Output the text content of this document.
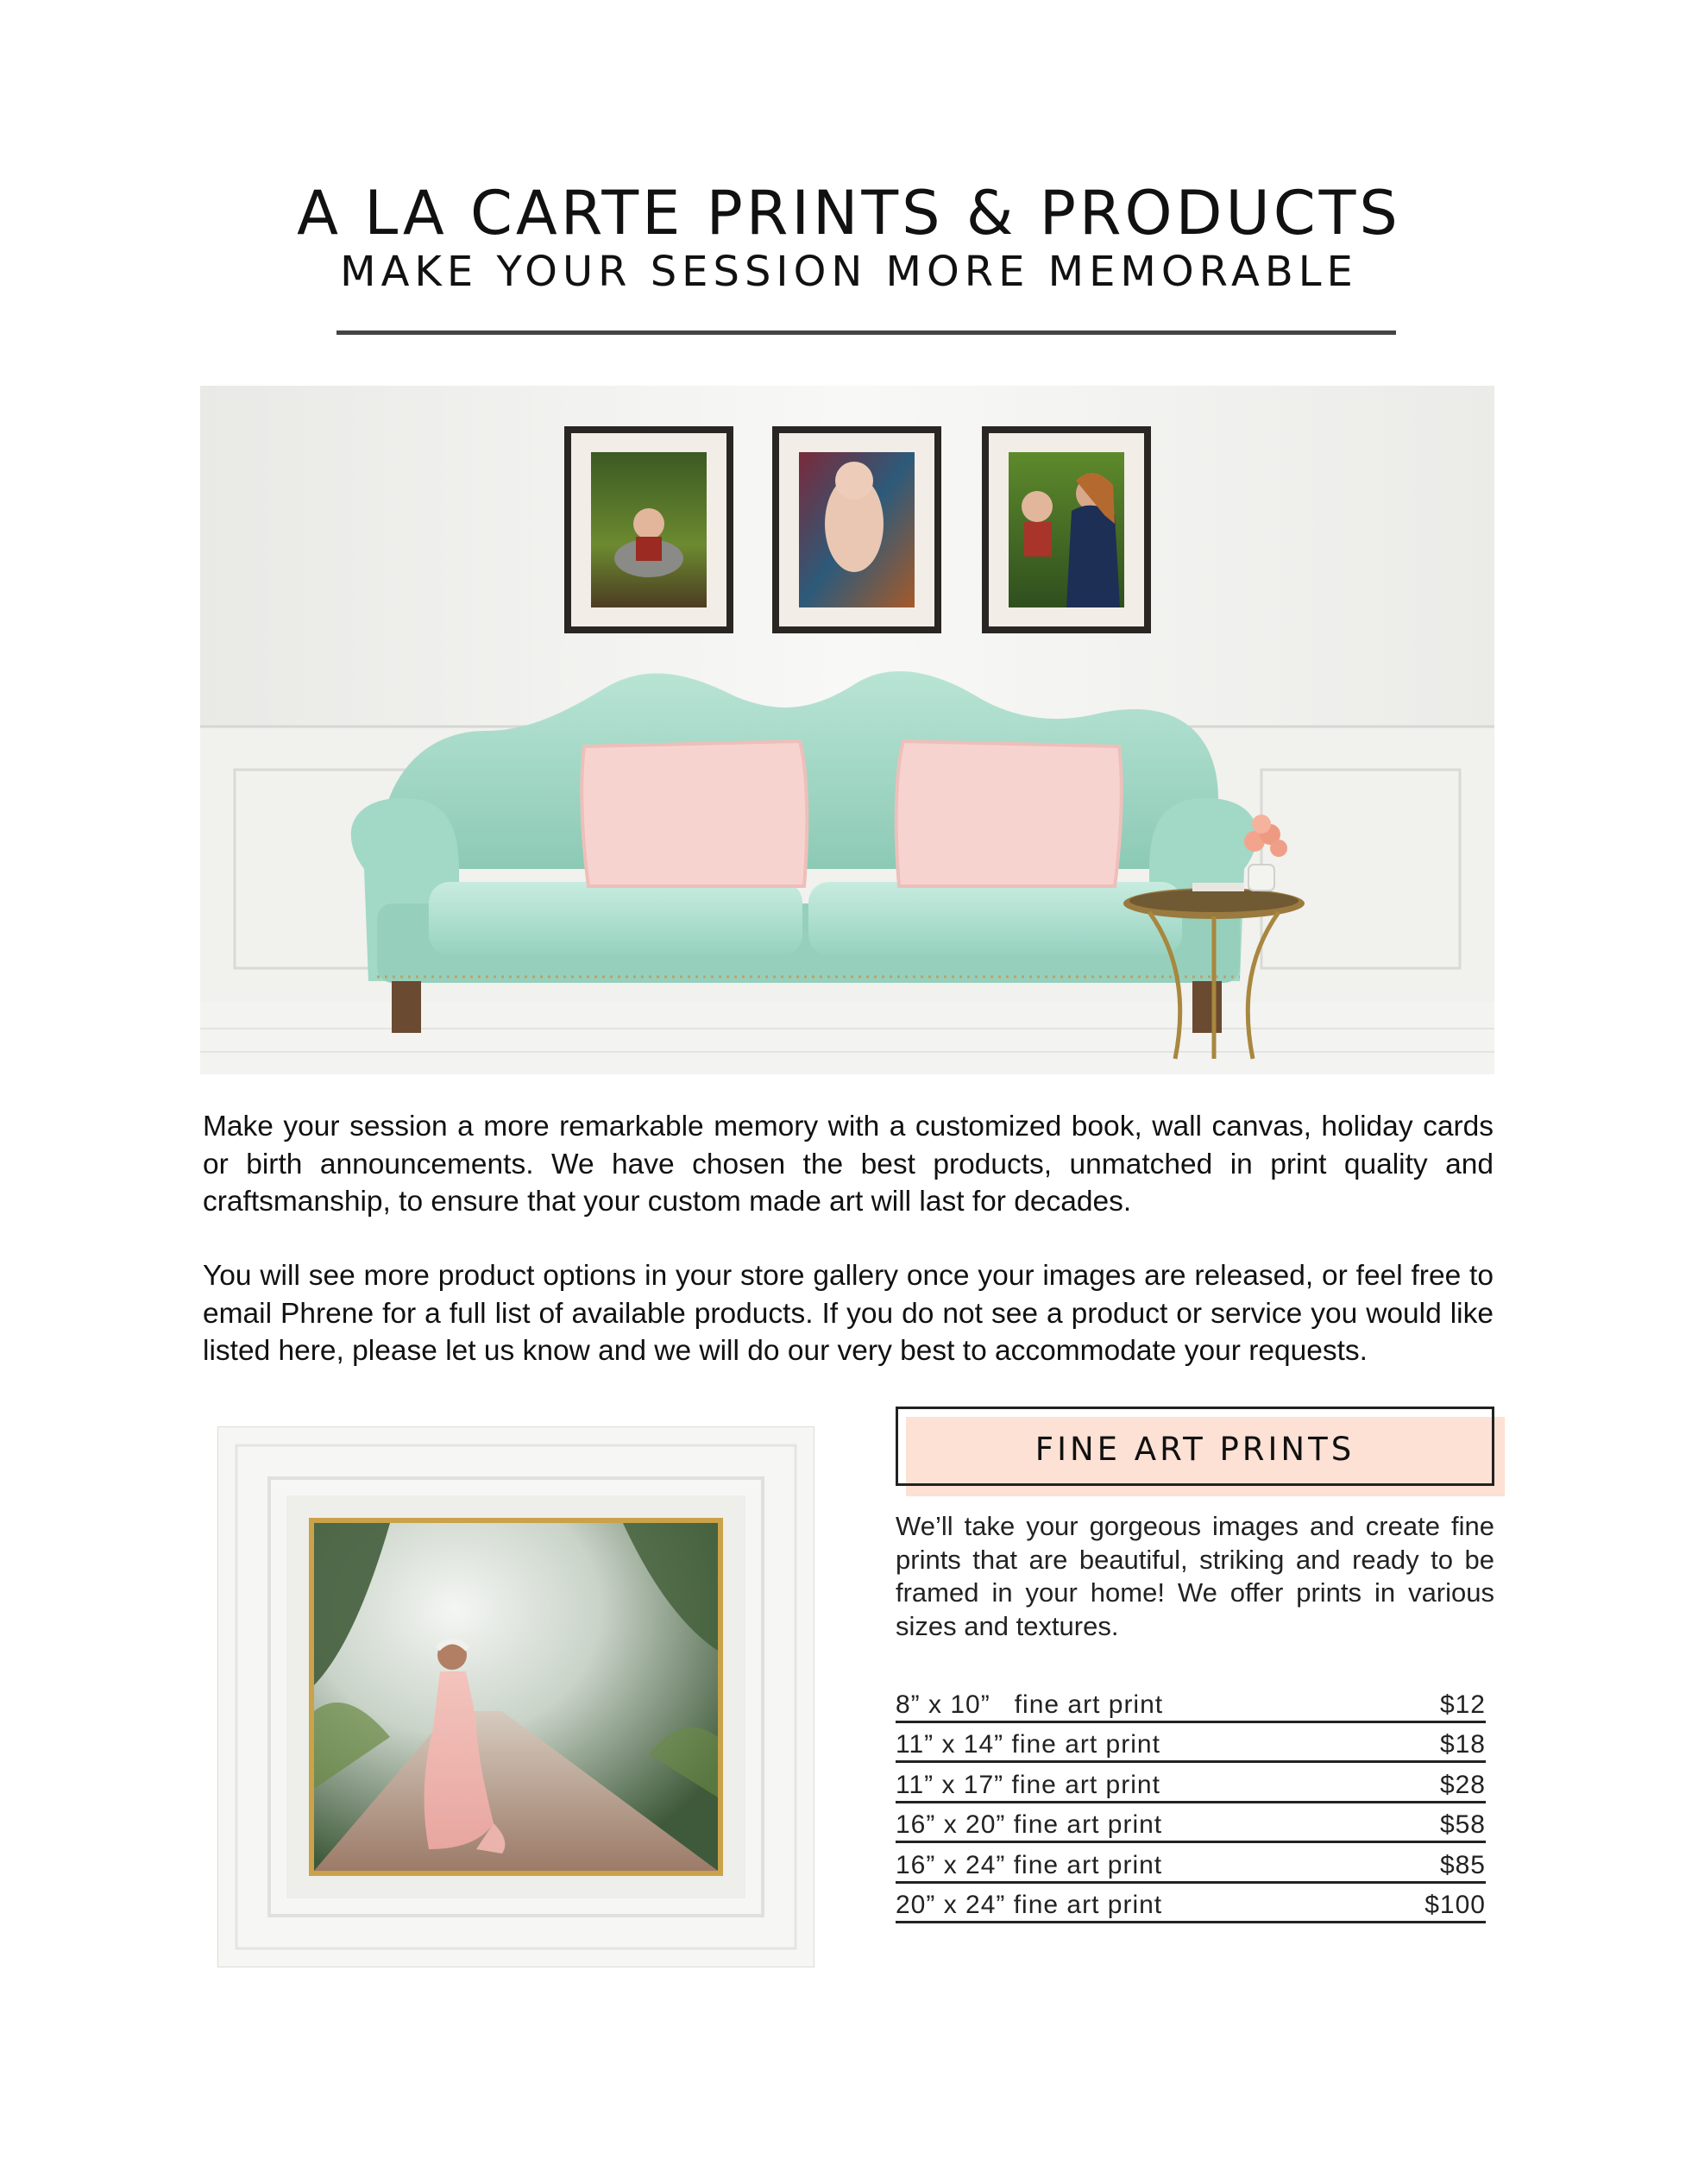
A LA CARTE PRINTS & PRODUCTS
MAKE YOUR SESSION MORE MEMORABLE

Make your session a more remarkable memory with a customized book, wall canvas, holiday cards or birth announcements. We have chosen the best products, unmatched in print quality and craftsmanship, to ensure that your custom made art will last for decades.

You will see more product options in your store gallery once your images are released, or feel free to email Phrene for a full list of available products. If you do not see a product or service you would like listed here, please let us know and we will do our very best to accommodate your requests.

FINE ART PRINTS

We’ll take your gorgeous images and create fine prints that are beautiful, striking and ready to be framed in your home! We offer prints in various sizes and textures.

8” x 10”   fine art print	$12
11” x 14” fine art print	$18
11” x 17” fine art print	$28
16” x 20” fine art print	$58
16” x 24” fine art print	$85
20” x 24” fine art print	$100
